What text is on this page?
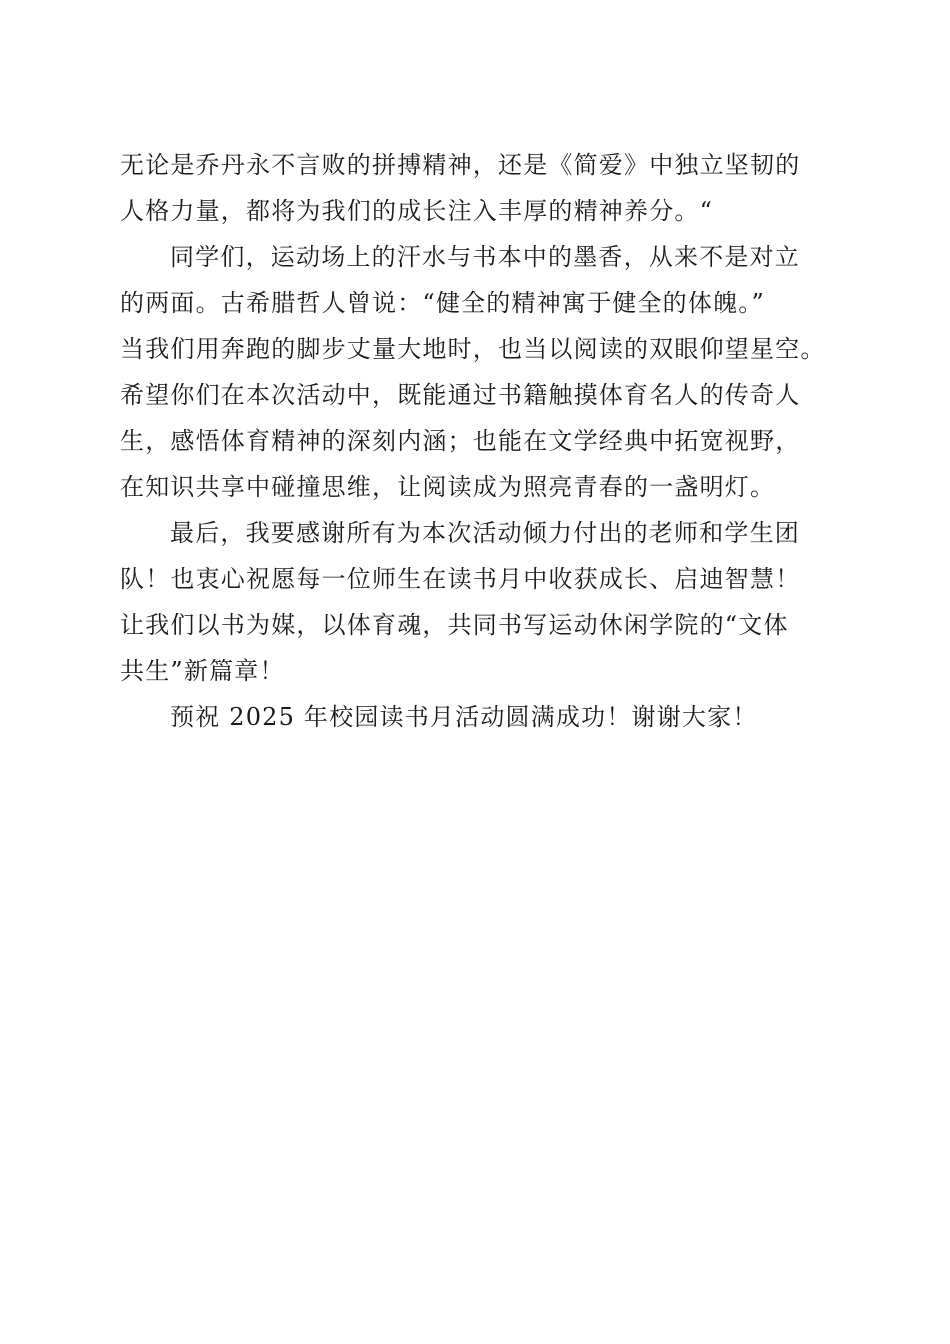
无论是乔丹永不言败的拼搏精神，还是《简爱》中独立坚韧的
人格力量，都将为我们的成长注入丰厚的精神养分。“
同学们，运动场上的汗水与书本中的墨香，从来不是对立
的两面。古希腊哲人曾说：“健全的精神寓于健全的体魄。”
当我们用奔跑的脚步丈量大地时，也当以阅读的双眼仰望星空。
希望你们在本次活动中，既能通过书籍触摸体育名人的传奇人
生，感悟体育精神的深刻内涵；也能在文学经典中拓宽视野，
在知识共享中碰撞思维，让阅读成为照亮青春的一盏明灯。
最后，我要感谢所有为本次活动倾力付出的老师和学生团
队！也衷心祝愿每一位师生在读书月中收获成长、启迪智慧！
让我们以书为媒，以体育魂，共同书写运动休闲学院的“文体
共生”新篇章！
预祝 2025 年校园读书月活动圆满成功！谢谢大家！
